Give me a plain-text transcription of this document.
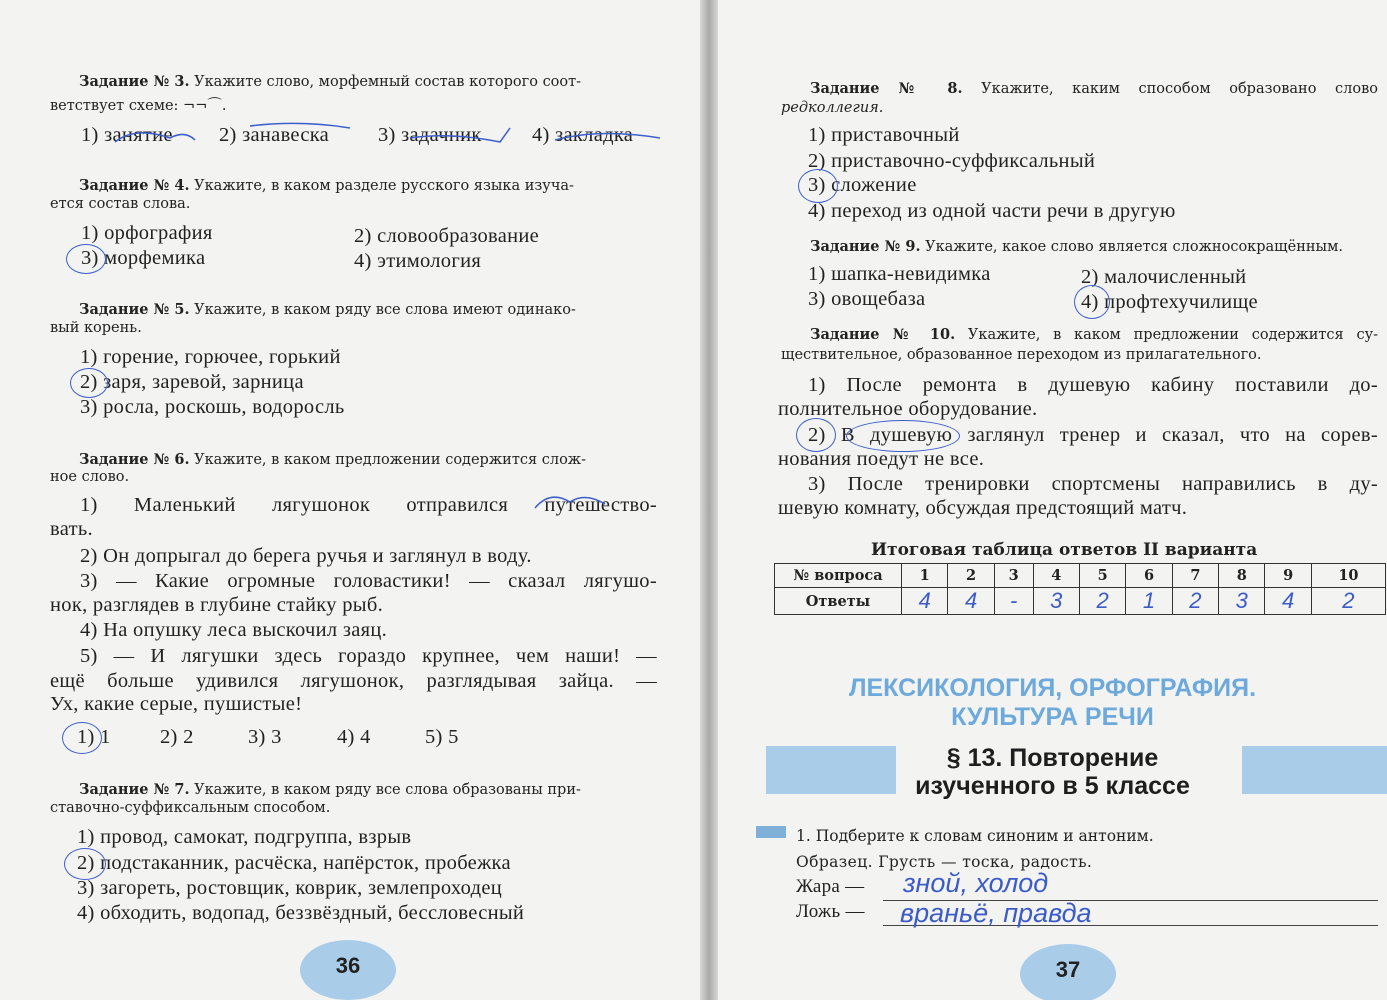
Задание № 3. Укажите слово, морфемный состав которого соот-
ветствует схеме: ¬¬⌒.
1) занятие 2) занавеска 3) задачник 4) закладка
Задание № 4. Укажите, в каком разделе русского языка изуча-
ется состав слова.
1) орфография	2) словообразование
3) морфемика	4) этимология
Задание № 5. Укажите, в каком ряду все слова имеют одинако-
вый корень.
1) горение, горючее, горький
2) заря, заревой, зарница
3) росла, роскошь, водоросль
Задание № 6. Укажите, в каком предложении содержится слож-
ное слово.
1) Маленький лягушонок отправился путешество-
вать.
2) Он допрыгал до берега ручья и заглянул в воду.
3) — Какие огромные головастики! — сказал лягушо-
нок, разглядев в глубине стайку рыб.
4) На опушку леса выскочил заяц.
5) — И лягушки здесь гораздо крупнее, чем наши! —
ещё больше удивился лягушонок, разглядывая зайца. —
Ух, какие серые, пушистые!
1) 1 2) 2	3) 3	4) 4	5) 5
Задание № 7. Укажите, в каком ряду все слова образованы при-
ставочно-суффиксальным способом.
1) провод, самокат, подгруппа, взрыв
2) подстаканник, расчёска, напёрсток, пробежка
3) загореть, ростовщик, коврик, землепроходец
4) обходить, водопад, беззвёздный, бессловесный
36
Задание № 8. Укажите, каким способом образовано слово
редколлегия.
1) приставочный
2) приставочно-суффиксальный
3) сложение
4) переход из одной части речи в другую
Задание № 9. Укажите, какое слово является сложносокращённым.
1) шапка-невидимка	2) малочисленный
3) овощебаза	4) профтехучилище
Задание № 10. Укажите, в каком предложении содержится су-
ществительное, образованное переходом из прилагательного.
1) После ремонта в душевую кабину поставили до-
полнительное оборудование.
2) В душевую заглянул тренер и сказал, что на сорев-
нования поедут не все.
3) После тренировки спортсмены направились в ду-
шевую комнату, обсуждая предстоящий матч.
Итоговая таблица ответов II варианта
№ вопроса	1	2	3	4	5	6	7	8	9	10
Ответы	4	4	-	3	2	1	2	3	4	2
ЛЕКСИКОЛОГИЯ, ОРФОГРАФИЯ.
КУЛЬТУРА РЕЧИ
§ 13. Повторение
изученного в 5 классе
1. Подберите к словам синоним и антоним.
Образец. Грусть — тоска, радость.
Жара — зной, холод
Ложь — враньё, правда
37
